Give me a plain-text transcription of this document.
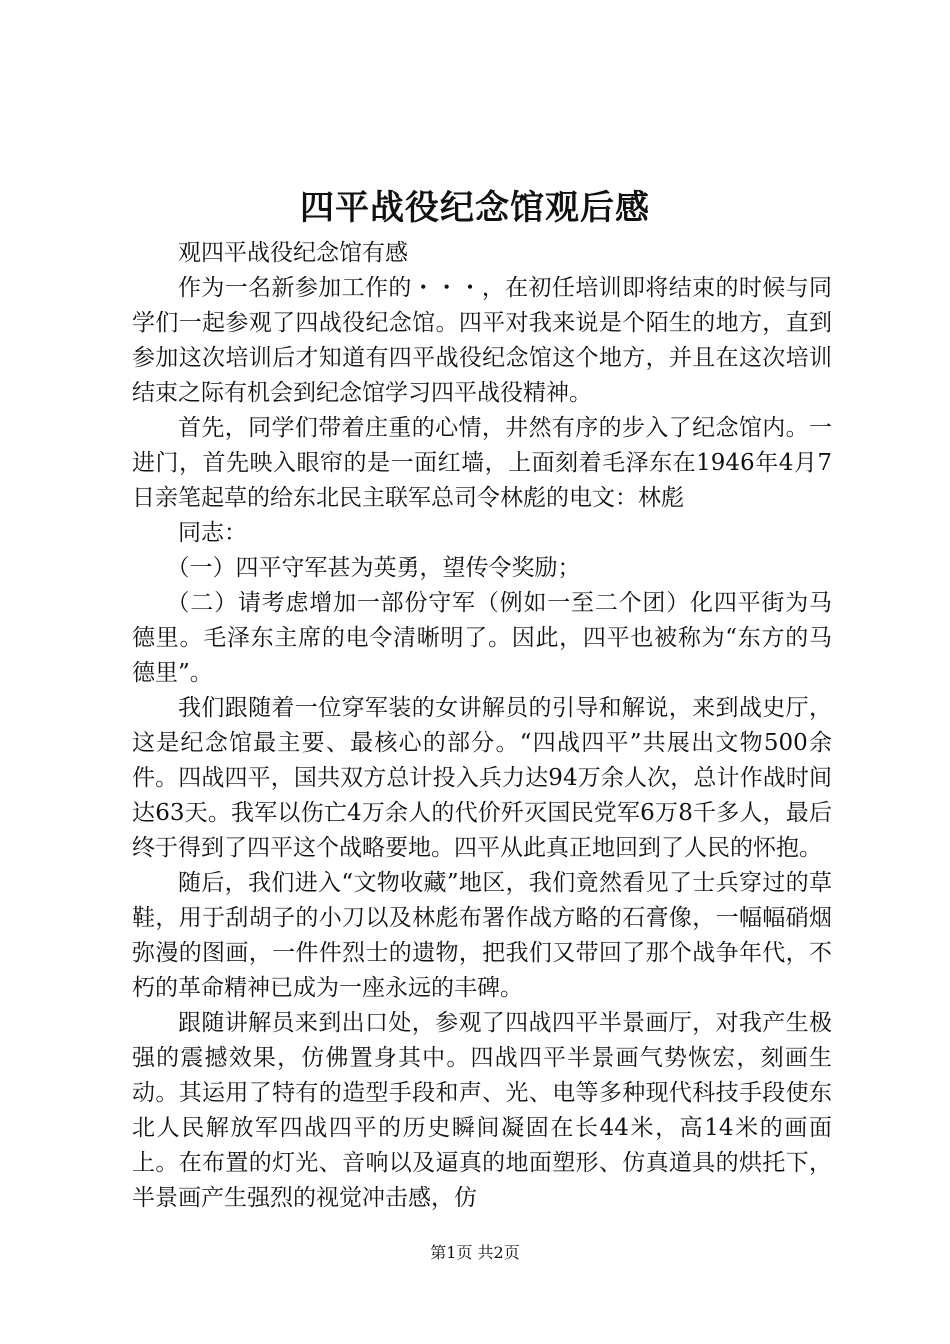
四平战役纪念馆观后感

观四平战役纪念馆有感

作为一名新参加工作的・・・，在初任培训即将结束的时候与同学们一起参观了四战役纪念馆。四平对我来说是个陌生的地方，直到参加这次培训后才知道有四平战役纪念馆这个地方，并且在这次培训结束之际有机会到纪念馆学习四平战役精神。

首先，同学们带着庄重的心情，井然有序的步入了纪念馆内。一进门，首先映入眼帘的是一面红墙，上面刻着毛泽东在1946年4月7日亲笔起草的给东北民主联军总司令林彪的电文：林彪

同志：

（一）四平守军甚为英勇，望传令奖励；

（二）请考虑增加一部份守军（例如一至二个团）化四平街为马德里。毛泽东主席的电令清晰明了。因此，四平也被称为“东方的马德里”。

我们跟随着一位穿军装的女讲解员的引导和解说，来到战史厅，这是纪念馆最主要、最核心的部分。“四战四平”共展出文物500余件。四战四平，国共双方总计投入兵力达94万余人次，总计作战时间达63天。我军以伤亡4万余人的代价歼灭国民党军6万8千多人，最后终于得到了四平这个战略要地。四平从此真正地回到了人民的怀抱。

随后，我们进入“文物收藏”地区，我们竟然看见了士兵穿过的草鞋，用于刮胡子的小刀以及林彪布署作战方略的石膏像，一幅幅硝烟弥漫的图画，一件件烈士的遗物，把我们又带回了那个战争年代，不朽的革命精神已成为一座永远的丰碑。

跟随讲解员来到出口处，参观了四战四平半景画厅，对我产生极强的震撼效果，仿佛置身其中。四战四平半景画气势恢宏，刻画生动。其运用了特有的造型手段和声、光、电等多种现代科技手段使东北人民解放军四战四平的历史瞬间凝固在长44米，高14米的画面上。在布置的灯光、音响以及逼真的地面塑形、仿真道具的烘托下，半景画产生强烈的视觉冲击感，仿

第1页 共2页
